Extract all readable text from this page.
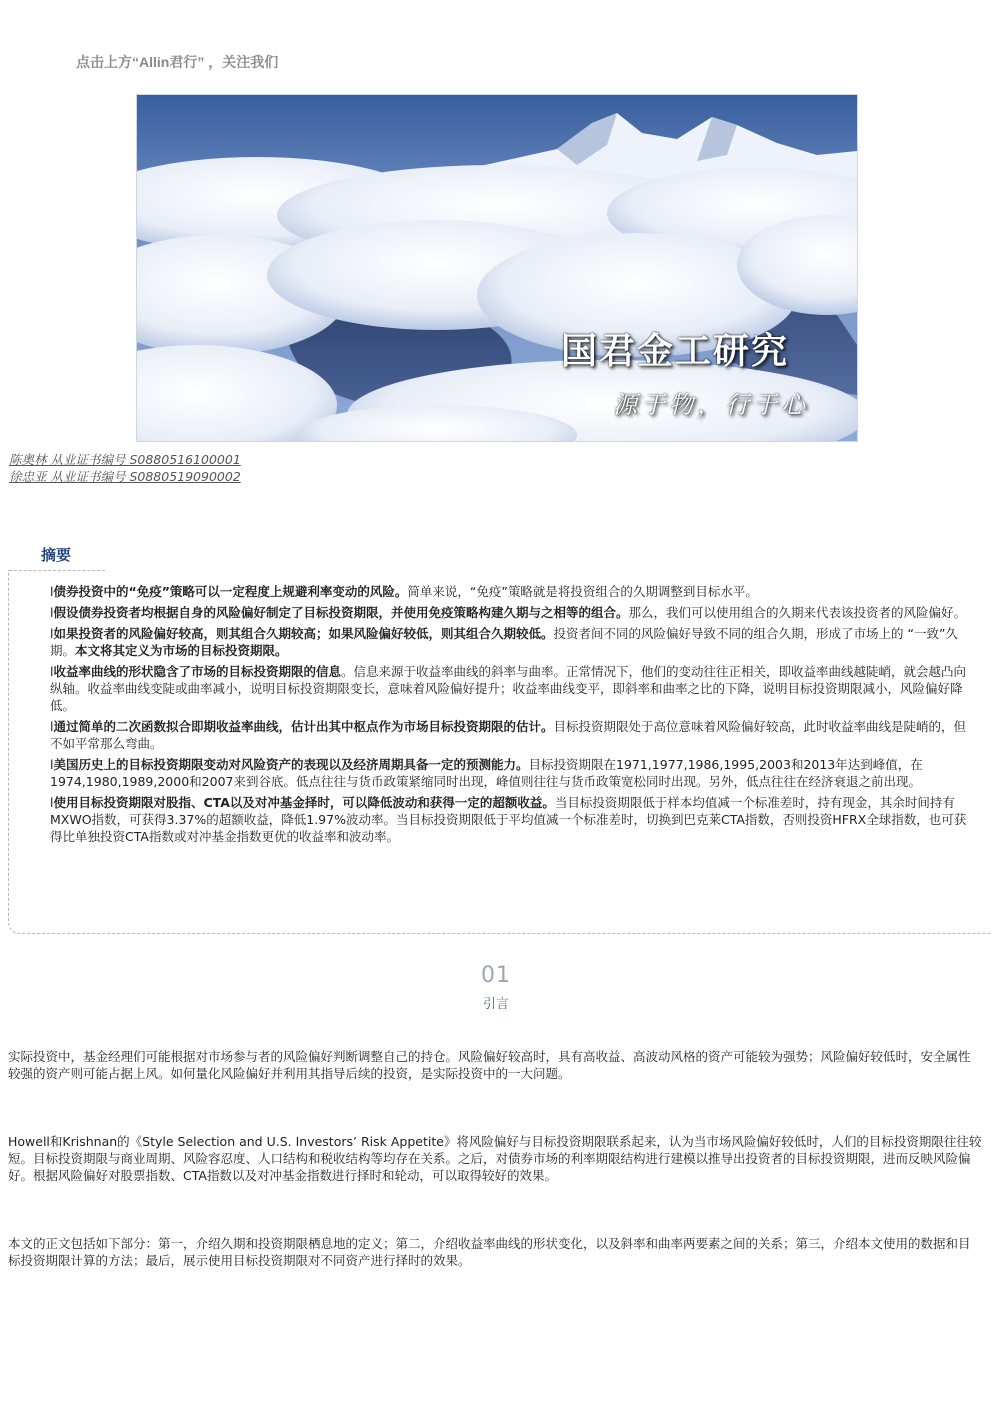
点击上方“Allin君行” ，关注我们
国君金工研究
源于物，行于心
陈奥林 从业证书编号 S0880516100001
徐忠亚 从业证书编号 S0880519090002
摘要

l债券投资中的“免疫”策略可以一定程度上规避利率变动的风险。简单来说，“免疫”策略就是将投资组合的久期调整到目标水平。

l假设债券投资者均根据自身的风险偏好制定了目标投资期限，并使用免疫策略构建久期与之相等的组合。那么，我们可以使用组合的久期来代表该投资者的风险偏好。

l如果投资者的风险偏好较高，则其组合久期较高；如果风险偏好较低，则其组合久期较低。投资者间不同的风险偏好导致不同的组合久期，形成了市场上的 “一致”久期。本文将其定义为市场的目标投资期限。

l收益率曲线的形状隐含了市场的目标投资期限的信息。信息来源于收益率曲线的斜率与曲率。正常情况下，他们的变动往往正相关，即收益率曲线越陡峭，就会越凸向纵轴。收益率曲线变陡或曲率减小，说明目标投资期限变长，意味着风险偏好提升；收益率曲线变平，即斜率和曲率之比的下降，说明目标投资期限减小，风险偏好降低。

l通过简单的二次函数拟合即期收益率曲线，估计出其中枢点作为市场目标投资期限的估计。目标投资期限处于高位意味着风险偏好较高，此时收益率曲线是陡峭的，但不如平常那么弯曲。

l美国历史上的目标投资期限变动对风险资产的表现以及经济周期具备一定的预测能力。目标投资期限在1971,1977,1986,1995,2003和2013年达到峰值，在1974,1980,1989,2000和2007来到谷底。低点往往与货币政策紧缩同时出现，峰值则往往与货币政策宽松同时出现。另外，低点往往在经济衰退之前出现。

l使用目标投资期限对股指、CTA以及对冲基金择时，可以降低波动和获得一定的超额收益。当目标投资期限低于样本均值减一个标准差时，持有现金，其余时间持有MXWO指数，可获得3.37%的超额收益，降低1.97%波动率。当目标投资期限低于平均值减一个标准差时，切换到巴克莱CTA指数，否则投资HFRX全球指数，也可获得比单独投资CTA指数或对冲基金指数更优的收益率和波动率。

01
引言

实际投资中，基金经理们可能根据对市场参与者的风险偏好判断调整自己的持仓。风险偏好较高时，具有高收益、高波动风格的资产可能较为强势；风险偏好较低时，安全属性较强的资产则可能占据上风。如何量化风险偏好并利用其指导后续的投资，是实际投资中的一大问题。

Howell和Krishnan的《Style Selection and U.S. Investors’ Risk Appetite》将风险偏好与目标投资期限联系起来，认为当市场风险偏好较低时，人们的目标投资期限往往较短。目标投资期限与商业周期、风险容忍度、人口结构和税收结构等均存在关系。之后，对债券市场的利率期限结构进行建模以推导出投资者的目标投资期限，进而反映风险偏好。根据风险偏好对股票指数、CTA指数以及对冲基金指数进行择时和轮动，可以取得较好的效果。

本文的正文包括如下部分：第一，介绍久期和投资期限栖息地的定义；第二，介绍收益率曲线的形状变化，以及斜率和曲率两要素之间的关系；第三，介绍本文使用的数据和目标投资期限计算的方法；最后，展示使用目标投资期限对不同资产进行择时的效果。
